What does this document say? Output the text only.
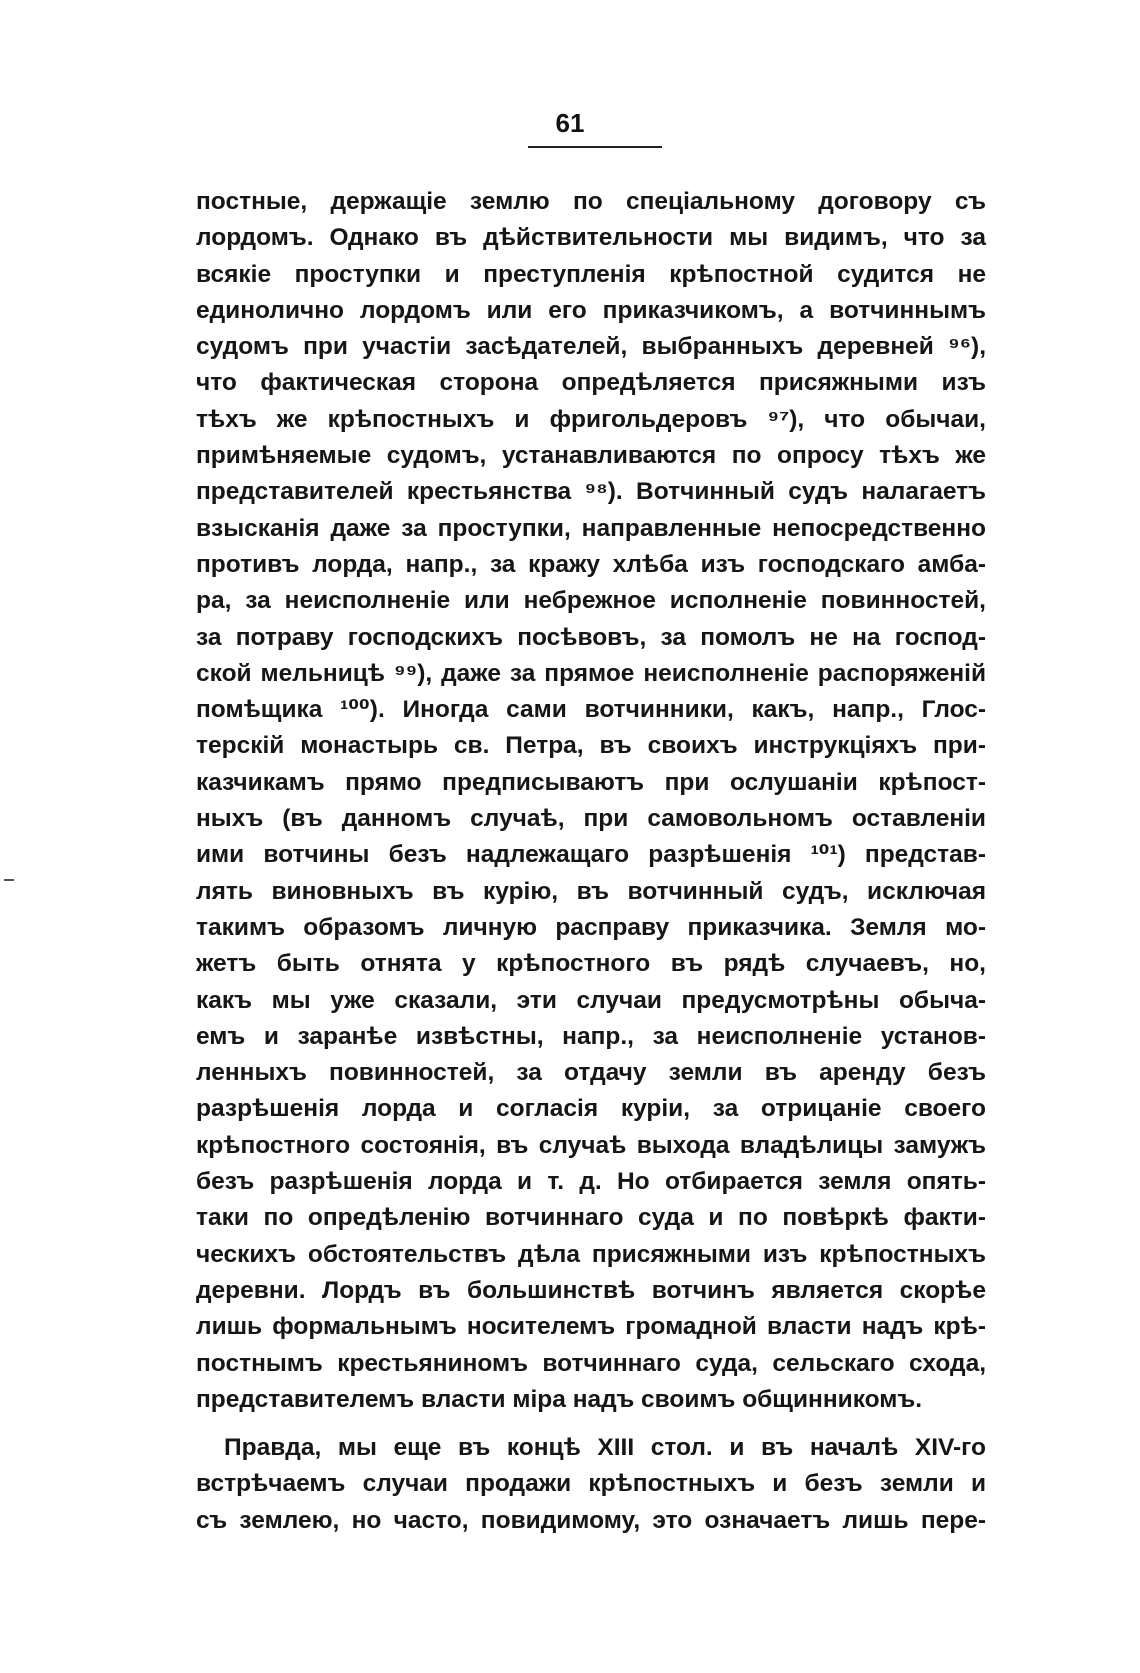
61
постные, держащіе землю по спеціальному договору съ
лордомъ. Однако въ дѣйствительности мы видимъ, что за
всякіе проступки и преступленія крѣпостной судится не
единолично лордомъ или его приказчикомъ, а вотчиннымъ
судомъ при участіи засѣдателей, выбранныхъ деревней ⁹⁶),
что фактическая сторона опредѣляется присяжными изъ
тѣхъ же крѣпостныхъ и фригольдеровъ ⁹⁷), что обычаи,
примѣняемые судомъ, устанавливаются по опросу тѣхъ же
представителей крестьянства ⁹⁸). Вотчинный судъ налагаетъ
взысканія даже за проступки, направленные непосредственно
противъ лорда, напр., за кражу хлѣба изъ господскаго амба-
ра, за неисполненіе или небрежное исполненіе повинностей,
за потраву господскихъ посѣвовъ, за помолъ не на господ-
ской мельницѣ ⁹⁹), даже за прямое неисполненіе распоряженій
помѣщика ¹⁰⁰). Иногда сами вотчинники, какъ, напр., Глос-
терскій монастырь св. Петра, въ своихъ инструкціяхъ при-
казчикамъ прямо предписываютъ при ослушаніи крѣпост-
ныхъ (въ данномъ случаѣ, при самовольномъ оставленіи
ими вотчины безъ надлежащаго разрѣшенія ¹⁰¹) представ-
лять виновныхъ въ курію, въ вотчинный судъ, исключая
такимъ образомъ личную расправу приказчика. Земля мо-
жетъ быть отнята у крѣпостного въ рядѣ случаевъ, но,
какъ мы уже сказали, эти случаи предусмотрѣны обыча-
емъ и заранѣе извѣстны, напр., за неисполненіе установ-
ленныхъ повинностей, за отдачу земли въ аренду безъ
разрѣшенія лорда и согласія куріи, за отрицаніе своего
крѣпостного состоянія, въ случаѣ выхода владѣлицы замужъ
безъ разрѣшенія лорда и т. д. Но отбирается земля опять-
таки по опредѣленію вотчиннаго суда и по повѣркѣ факти-
ческихъ обстоятельствъ дѣла присяжными изъ крѣпостныхъ
деревни. Лордъ въ большинствѣ вотчинъ является скорѣе
лишь формальнымъ носителемъ громадной власти надъ крѣ-
постнымъ крестьяниномъ вотчиннаго суда, сельскаго схода,
представителемъ власти міра надъ своимъ общинникомъ.
Правда, мы еще въ концѣ XIII стол. и въ началѣ XIV-го
встрѣчаемъ случаи продажи крѣпостныхъ и безъ земли и
съ землею, но часто, повидимому, это означаетъ лишь пере-
